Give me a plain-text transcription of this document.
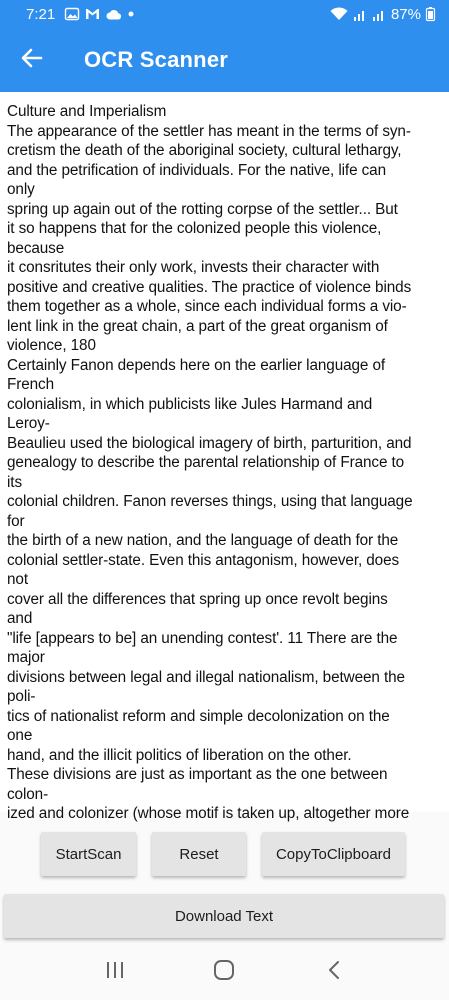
7:21	87%
OCR Scanner
Culture and Imperialism
The appearance of the settler has meant in the terms of syn-
cretism the death of the aboriginal society, cultural lethargy,
and the petrification of individuals. For the native, life can
only
spring up again out of the rotting corpse of the settler... But
it so happens that for the colonized people this violence,
because
it consritutes their only work, invests their character with
positive and creative qualities. The practice of violence binds
them together as a whole, since each individual forms a vio-
lent link in the great chain, a part of the great organism of
violence, 180
Certainly Fanon depends here on the earlier language of
French
colonialism, in which publicists like Jules Harmand and
Leroy-
Beaulieu used the biological imagery of birth, parturition, and
genealogy to describe the parental relationship of France to
its
colonial children. Fanon reverses things, using that language
for
the birth of a new nation, and the language of death for the
colonial settler-state. Even this antagonism, however, does
not
cover all the differences that spring up once revolt begins
and
"life [appears to be] an unending contest'. 11 There are the
major
divisions between legal and illegal nationalism, between the
poli-
tics of nationalist reform and simple decolonization on the
one
hand, and the illicit politics of liberation on the other.
These divisions are just as important as the one between
colon-
ized and colonizer (whose motif is taken up, altogether more
StartScan	Reset	CopyToClipboard
Download Text
